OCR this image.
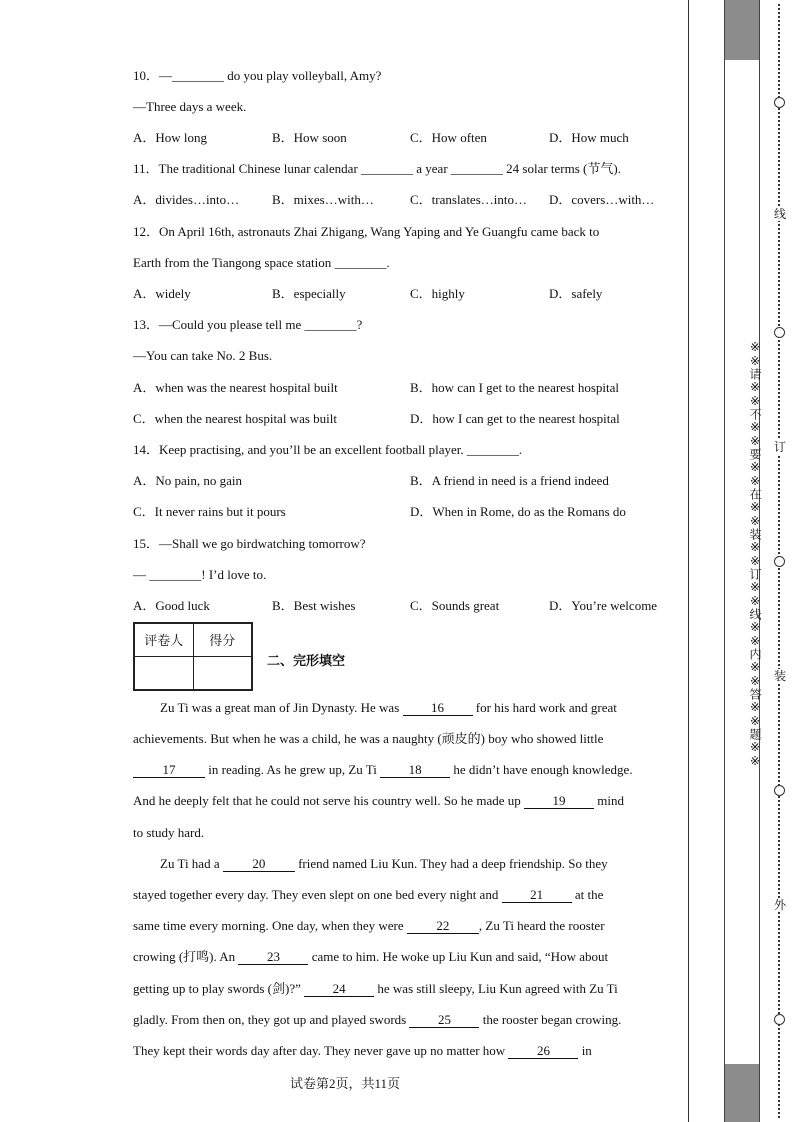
10．—________ do you play volleyball, Amy?
—Three days a week.
A．How long	B．How soon	C．How often	D．How much
11．The traditional Chinese lunar calendar ________ a year ________ 24 solar terms (节气).
A．divides…into…	B．mixes…with…	C．translates…into… D．covers…with…
12．On April 16th, astronauts Zhai Zhigang, Wang Yaping and Ye Guangfu came back to
Earth from the Tiangong space station ________.
A．widely	B．especially	C．highly	D．safely
13．—Could you please tell me ________?
—You can take No. 2 Bus.
A．when was the nearest hospital built	B．how can I get to the nearest hospital
C．when the nearest hospital was built	D．how I can get to the nearest hospital
14．Keep practising, and you’ll be an excellent football player. ________.
A．No pain, no gain	B．A friend in need is a friend indeed
C．It never rains but it pours	D．When in Rome, do as the Romans do
15．—Shall we go birdwatching tomorrow?
— ________! I’d love to.
A．Good luck	B．Best wishes	C．Sounds great	D．You’re welcome
Zu Ti was a great man of Jin Dynasty. He was 16 for his hard work and great
achievements. But when he was a child, he was a naughty (顽皮的) boy who showed little
17 in reading. As he grew up, Zu Ti 18 he didn’t have enough knowledge.
And he deeply felt that he could not serve his country well. So he made up 19 mind
to study hard.
Zu Ti had a 20 friend named Liu Kun. They had a deep friendship. So they
stayed together every day. They even slept on one bed every night and 21 at the
same time every morning. One day, when they were 22 , Zu Ti heard the rooster
crowing (打鸣). An 23 came to him. He woke up Liu Kun and said, “How about
getting up to play swords (剑)?” 24 he was still sleepy, Liu Kun agreed with Zu Ti
gladly. From then on, they got up and played swords 25 the rooster began crowing.
They kept their words day after day. They never gave up no matter how 26 in
评卷人	得分

二、完形填空
试卷第2页，共11页
※※请※※不※※要※※在※※装※※订※※线※※内※※答※※题※※
线
订
装
外
